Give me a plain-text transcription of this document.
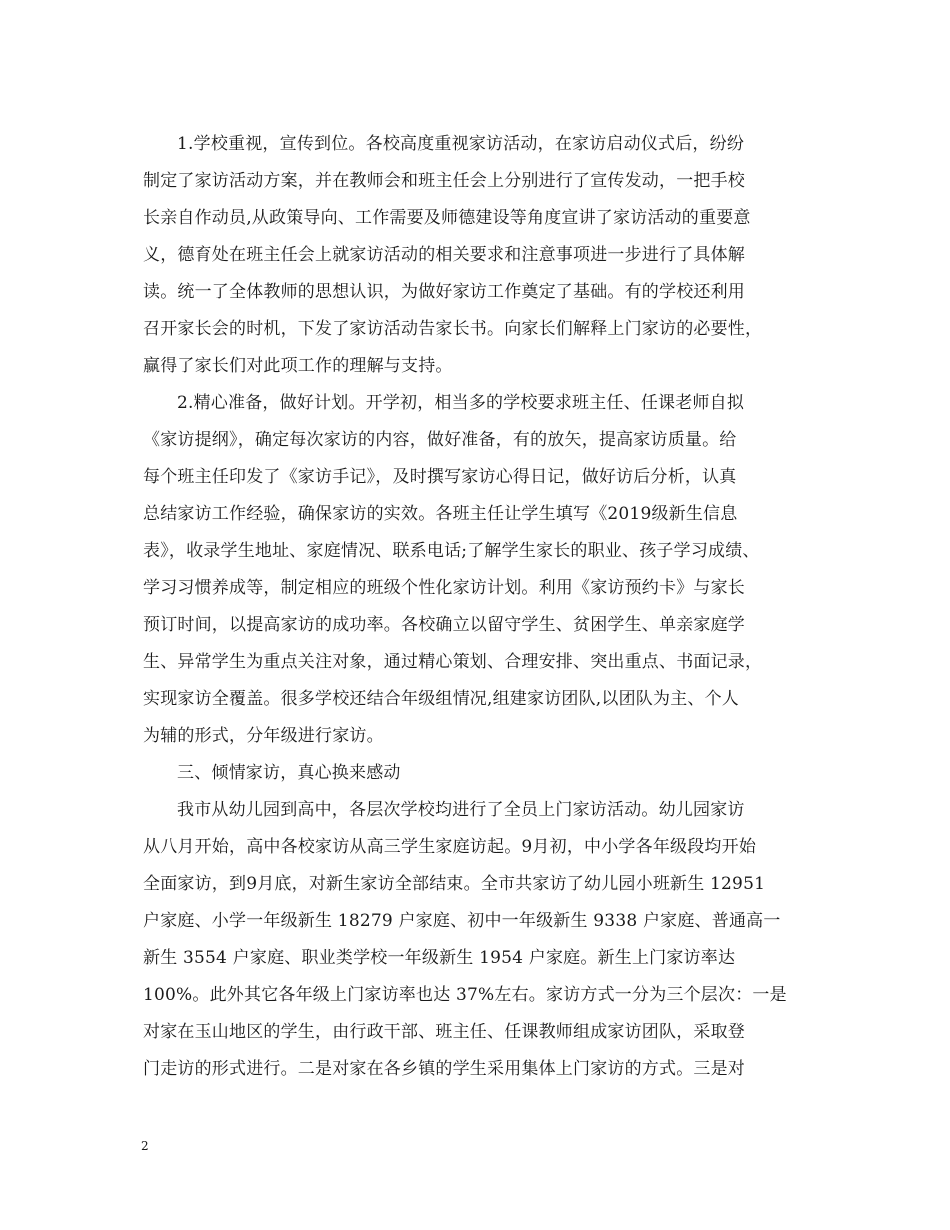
1.学校重视，宣传到位。各校高度重视家访活动，在家访启动仪式后，纷纷
制定了家访活动方案，并在教师会和班主任会上分别进行了宣传发动，一把手校
长亲自作动员,从政策导向、工作需要及师德建设等角度宣讲了家访活动的重要意
义，德育处在班主任会上就家访活动的相关要求和注意事项进一步进行了具体解
读。统一了全体教师的思想认识，为做好家访工作奠定了基础。有的学校还利用
召开家长会的时机，下发了家访活动告家长书。向家长们解释上门家访的必要性，
赢得了家长们对此项工作的理解与支持。
2.精心准备，做好计划。开学初，相当多的学校要求班主任、任课老师自拟
《家访提纲》，确定每次家访的内容，做好准备，有的放矢，提高家访质量。给
每个班主任印发了《家访手记》，及时撰写家访心得日记，做好访后分析，认真
总结家访工作经验，确保家访的实效。各班主任让学生填写《2019级新生信息
表》，收录学生地址、家庭情况、联系电话;了解学生家长的职业、孩子学习成绩、
学习习惯养成等，制定相应的班级个性化家访计划。利用《家访预约卡》与家长
预订时间，以提高家访的成功率。各校确立以留守学生、贫困学生、单亲家庭学
生、异常学生为重点关注对象，通过精心策划、合理安排、突出重点、书面记录，
实现家访全覆盖。很多学校还结合年级组情况,组建家访团队,以团队为主、个人
为辅的形式，分年级进行家访。
三、倾情家访，真心换来感动
我市从幼儿园到高中，各层次学校均进行了全员上门家访活动。幼儿园家访
从八月开始，高中各校家访从高三学生家庭访起。9月初，中小学各年级段均开始
全面家访，到9月底，对新生家访全部结束。全市共家访了幼儿园小班新生 12951
户家庭、小学一年级新生 18279 户家庭、初中一年级新生 9338 户家庭、普通高一
新生 3554 户家庭、职业类学校一年级新生 1954 户家庭。新生上门家访率达
100%。此外其它各年级上门家访率也达 37%左右。家访方式一分为三个层次：一是
对家在玉山地区的学生，由行政干部、班主任、任课教师组成家访团队，采取登
门走访的形式进行。二是对家在各乡镇的学生采用集体上门家访的方式。三是对
2
